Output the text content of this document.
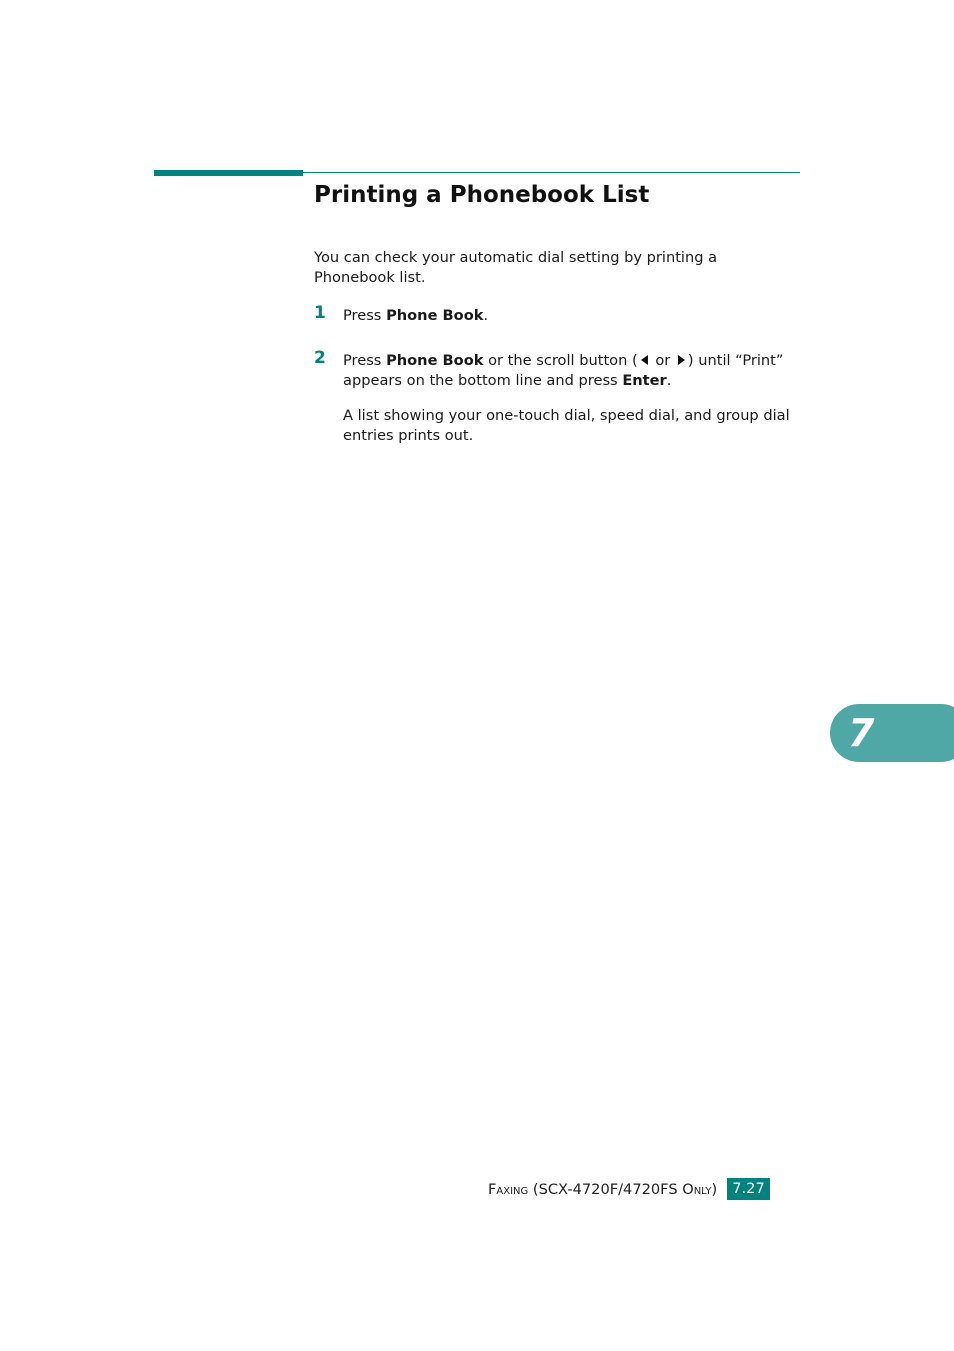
Printing a Phonebook List

You can check your automatic dial setting by printing a Phonebook list.

1 Press Phone Book.

2 Press Phone Book or the scroll button ( or ) until “Print” appears on the bottom line and press Enter.

A list showing your one-touch dial, speed dial, and group dial entries prints out.

7
Faxing (SCX-4720F/4720FS Only)	7.27
